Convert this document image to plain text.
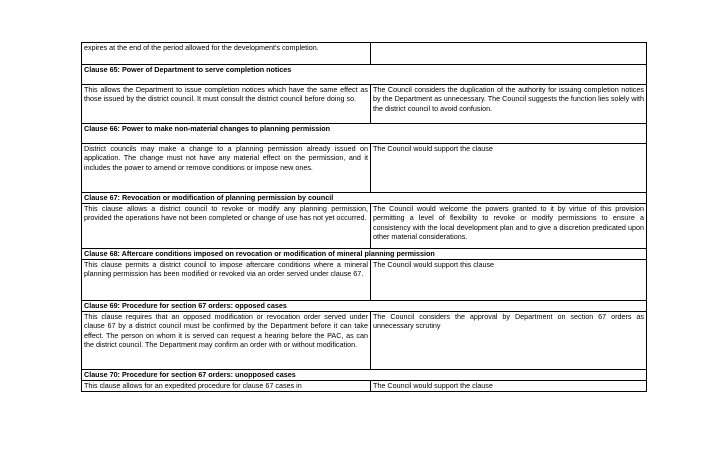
expires at the end of the period allowed for the development's completion.	
Clause 65: Power of Department to serve completion notices	
This allows the Department to issue completion notices which have the same effect as those issued by the district council. It must consult the district council before doing so.	The Council considers the duplication of the authority for issuing completion notices by the Department as unnecessary. The Council suggests the function lies solely with the district council to avoid confusion.
Clause 66: Power to make non-material changes to planning permission	
District councils may make a change to a planning permission already issued on application. The change must not have any material effect on the permission, and it includes the power to amend or remove conditions or impose new ones.	The Council would support the clause
Clause 67: Revocation or modification of planning permission by council	
This clause allows a district council to revoke or modify any planning permission, provided the operations have not been completed or change of use has not yet occurred.	The Council would welcome the powers granted to it by virtue of this provision permitting a level of flexibility to revoke or modify permissions to ensure a consistency with the local development plan and to give a discretion predicated upon other material considerations.
Clause 68: Aftercare conditions imposed on revocation or modification of mineral planning permission	
This clause permits a district council to impose aftercare conditions where a mineral planning permission has been modified or revoked via an order served under clause 67.	The Council would support this clause
Clause 69: Procedure for section 67 orders: opposed cases	
This clause requires that an opposed modification or revocation order served under clause 67 by a district council must be confirmed by the Department before it can take effect. The person on whom it is served can request a hearing before the PAC, as can the district council. The Department may confirm an order with or without modification.	The Council considers the approval by Department on section 67 orders as unnecessary scrutiny
Clause 70: Procedure for section 67 orders: unopposed cases	
This clause allows for an expedited procedure for clause 67 cases in	The Council would support the clause
